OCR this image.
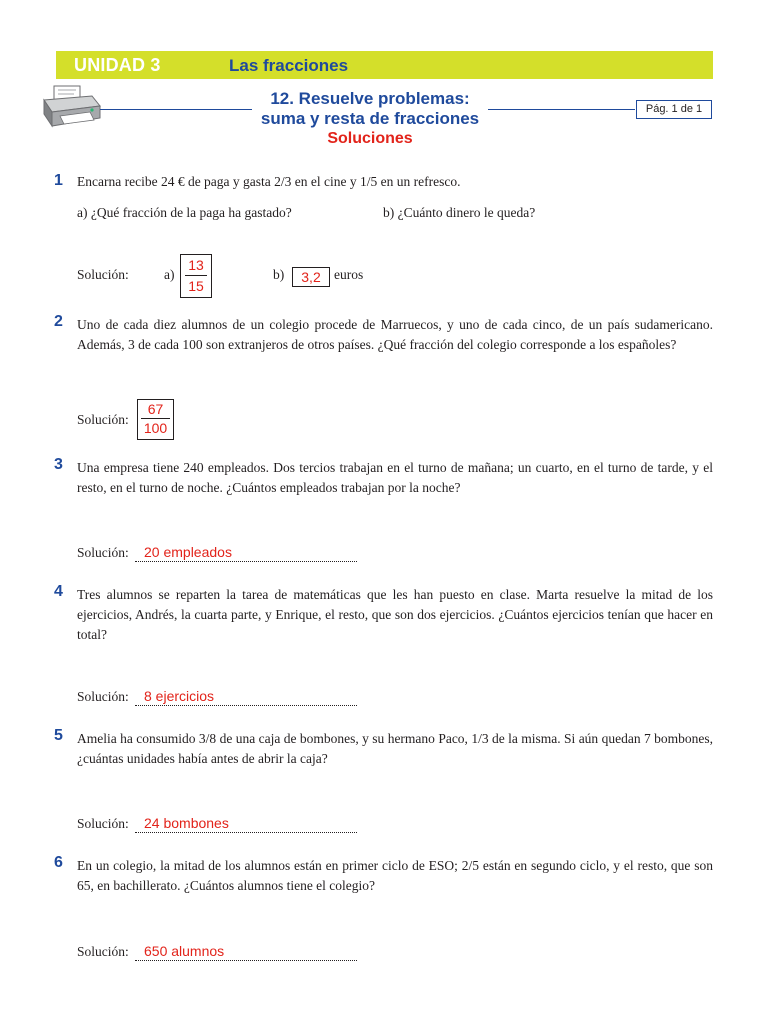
UNIDAD 3	Las fracciones
12. Resuelve problemas:
suma y resta de fracciones
Soluciones
Pág. 1 de 1
1 Encarna recibe 24 € de paga y gasta 2/3 en el cine y 1/5 en un refresco.

a) ¿Qué fracción de la paga ha gastado?	b) ¿Cuánto dinero le queda?
Solución:	a)
13
15
b)	3,2 euros
2 Uno de cada diez alumnos de un colegio procede de Marruecos, y uno de cada cinco, de un país sudamericano. Además, 3 de cada 100 son extranjeros de otros países. ¿Qué fracción del colegio corresponde a los españoles?

Solución:
67
100
3 Una empresa tiene 240 empleados. Dos tercios trabajan en el turno de mañana; un cuarto, en el turno de tarde, y el resto, en el turno de noche. ¿Cuántos empleados trabajan por la noche?

Solución: 20 empleados
4 Tres alumnos se reparten la tarea de matemáticas que les han puesto en clase. Marta resuelve la mitad de los ejercicios, Andrés, la cuarta parte, y Enrique, el resto, que son dos ejercicios. ¿Cuántos ejercicios tenían que hacer en total?

Solución: 8 ejercicios
5 Amelia ha consumido 3/8 de una caja de bombones, y su hermano Paco, 1/3 de la misma. Si aún quedan 7 bombones, ¿cuántas unidades había antes de abrir la caja?

Solución: 24 bombones
6 En un colegio, la mitad de los alumnos están en primer ciclo de ESO; 2/5 están en segundo ciclo, y el resto, que son 65, en bachillerato. ¿Cuántos alumnos tiene el colegio?

Solución: 650 alumnos
